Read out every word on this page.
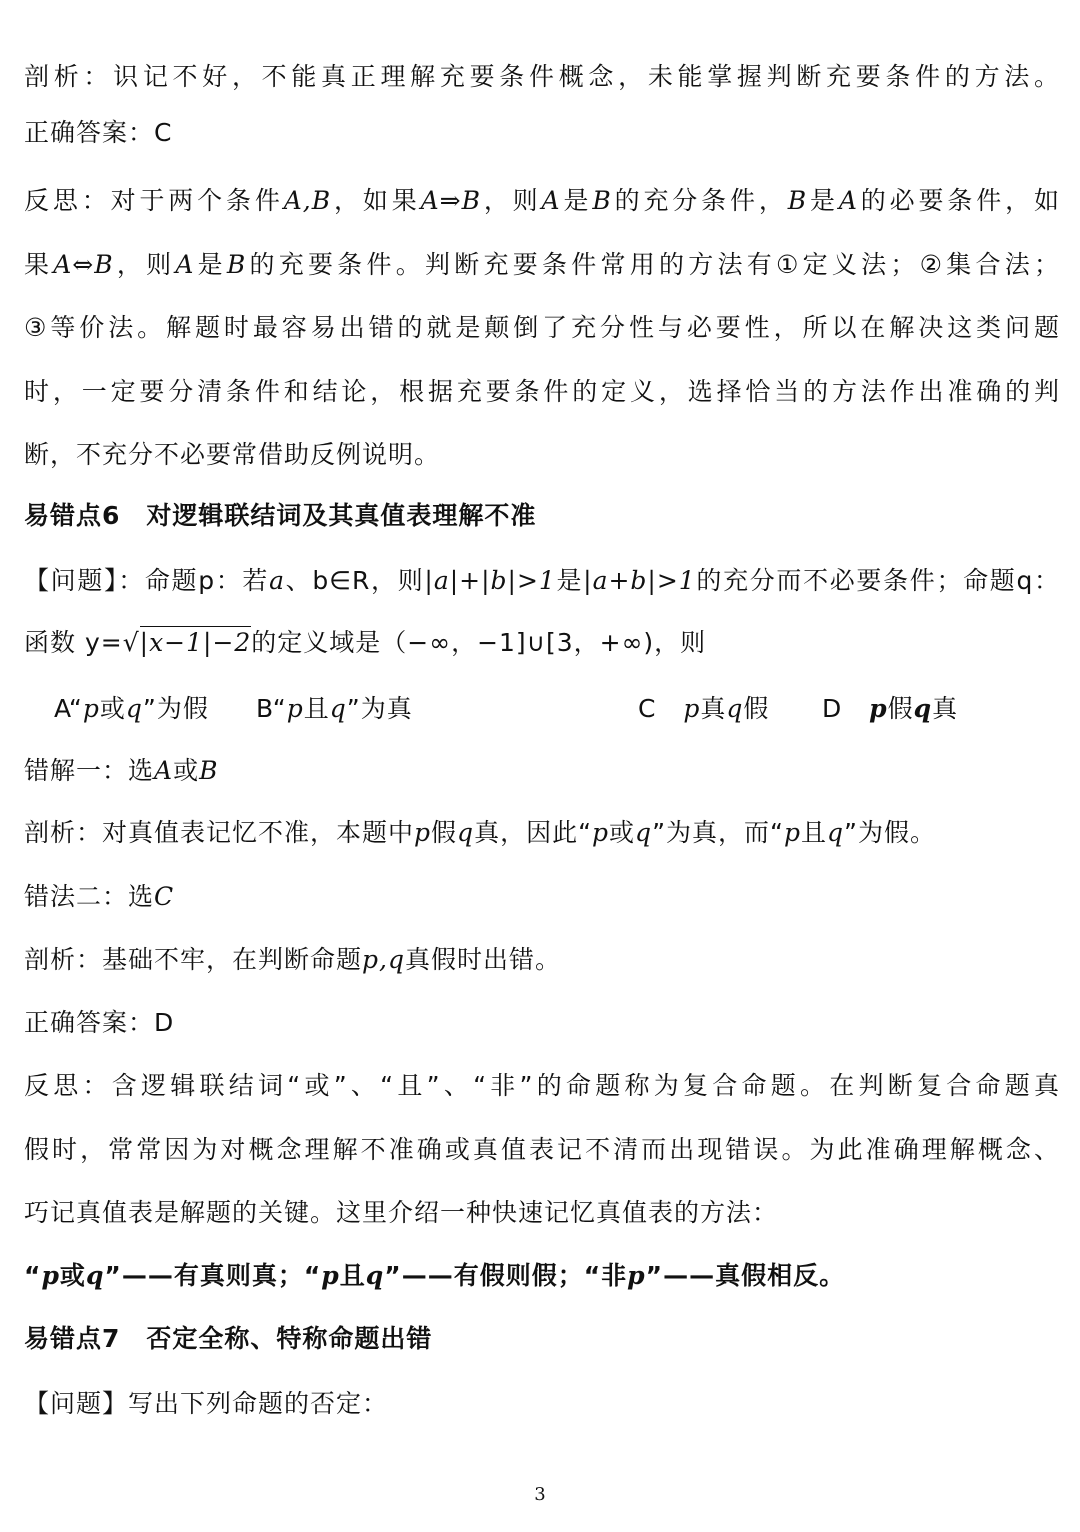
剖析：识记不好，不能真正理解充要条件概念，未能掌握判断充要条件的方法。

正确答案：C

反思：对于两个条件A,B，如果A⇒B，则A是B的充分条件，B是A的必要条件，如

果A⇔B，则A是B的充要条件。判断充要条件常用的方法有①定义法；②集合法；

③等价法。解题时最容易出错的就是颠倒了充分性与必要性，所以在解决这类问题

时，一定要分清条件和结论，根据充要条件的定义，选择恰当的方法作出准确的判

断，不充分不必要常借助反例说明。

易错点6　对逻辑联结词及其真值表理解不准

【问题】：命题p：若a、b∈R，则|a|+|b|>1是|a+b|>1的充分而不必要条件；命题q：

函数 y=√|x−1|−2的定义域是（−∞，−1]∪[3，+∞)，则

A“p或q”为假 B“p且q”为真	C p真q假 D p假q真

错解一：选A或B

剖析：对真值表记忆不准，本题中p假q真，因此“p或q”为真，而“p且q”为假。

错法二：选C

剖析：基础不牢，在判断命题p,q真假时出错。

正确答案：D

反思：含逻辑联结词“或”、“且”、“非”的命题称为复合命题。在判断复合命题真

假时，常常因为对概念理解不准确或真值表记不清而出现错误。为此准确理解概念、

巧记真值表是解题的关键。这里介绍一种快速记忆真值表的方法：

“p或q”——有真则真；“p且q”——有假则假；“非p”——真假相反。

易错点7　否定全称、特称命题出错

【问题】写出下列命题的否定：

3
